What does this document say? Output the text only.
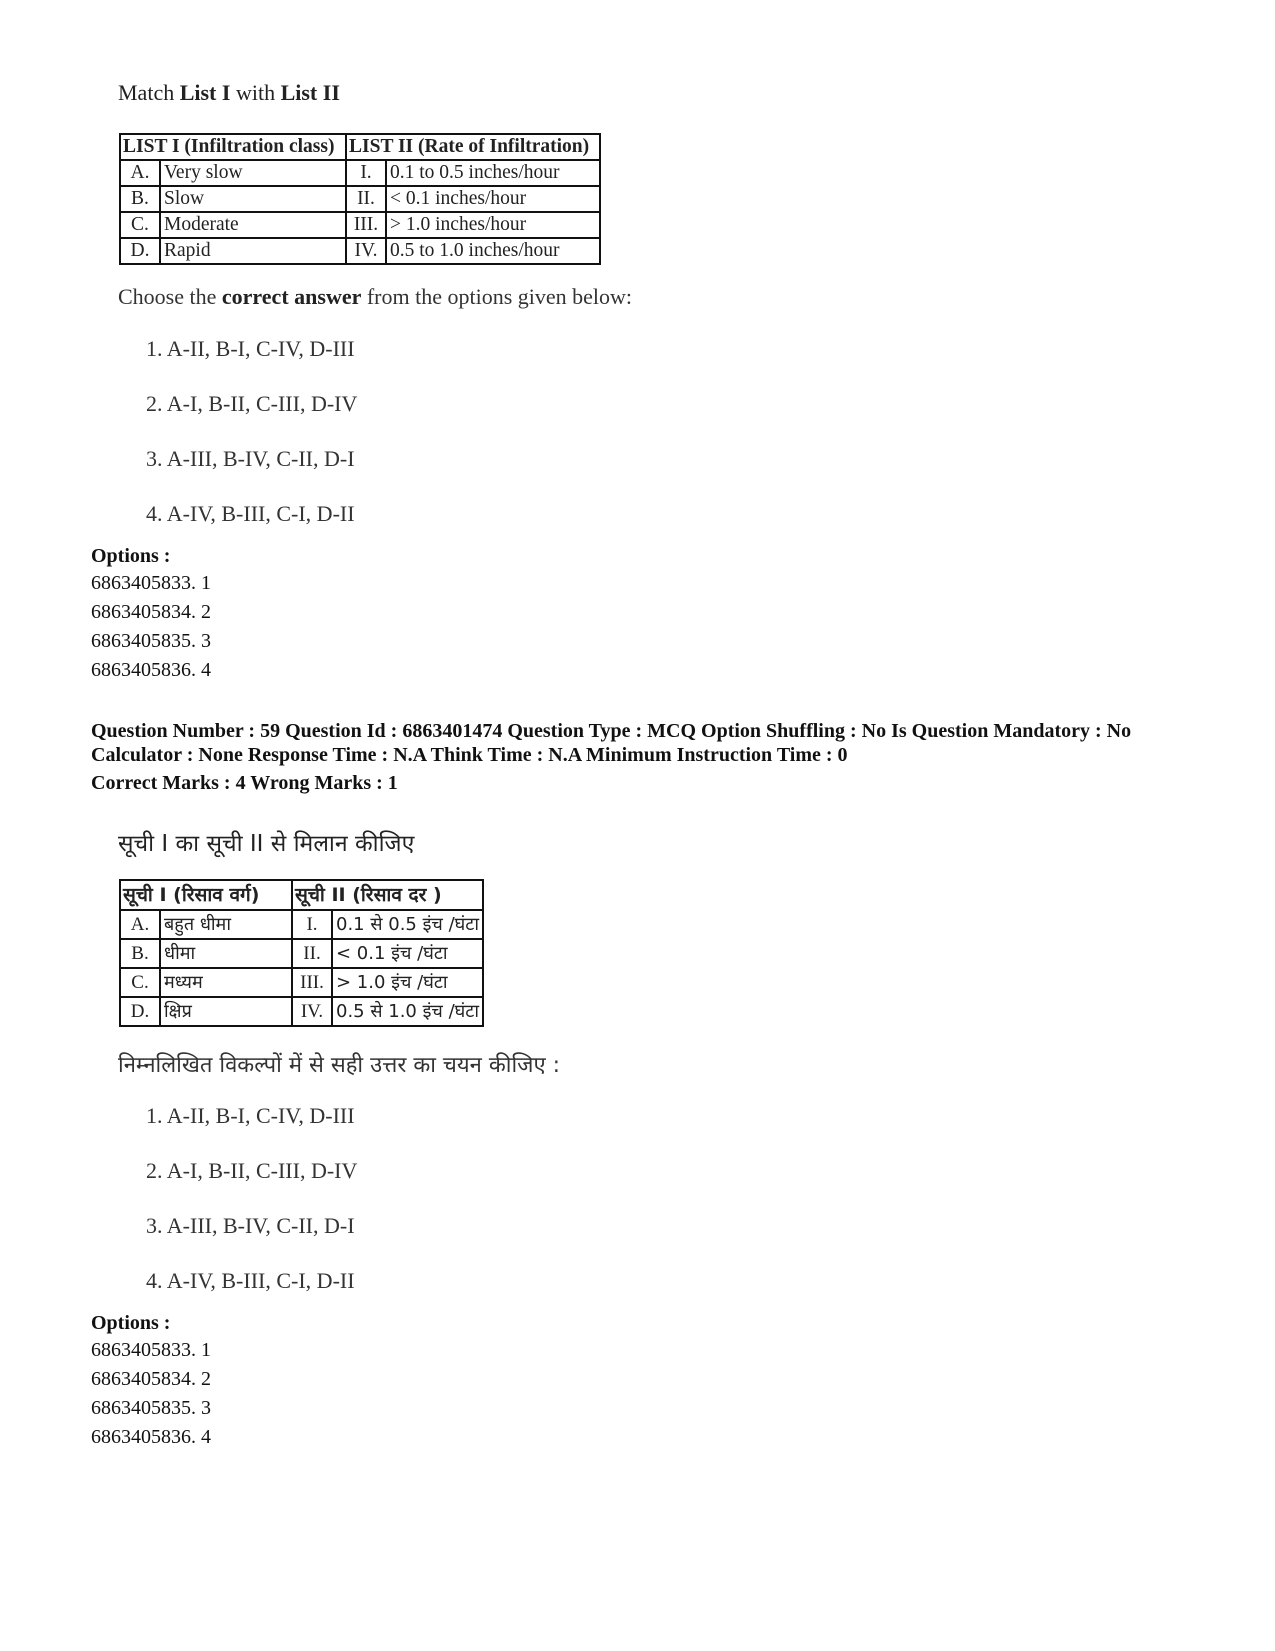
Match List I with List II
LIST I (Infiltration class)		LIST II (Rate of Infiltration)	
A.	Very slow	I.	0.1 to 0.5 inches/hour
B.	Slow	II.	< 0.1 inches/hour
C.	Moderate	III.	> 1.0 inches/hour
D.	Rapid	IV.	0.5 to 1.0 inches/hour
Choose the correct answer from the options given below:
1. A-II, B-I, C-IV, D-III
2. A-I, B-II, C-III, D-IV
3. A-III, B-IV, C-II, D-I
4. A-IV, B-III, C-I, D-II
Options :
6863405833. 1
6863405834. 2
6863405835. 3
6863405836. 4
Question Number : 59 Question Id : 6863401474 Question Type : MCQ Option Shuffling : No Is Question Mandatory : No Calculator : None Response Time : N.A Think Time : N.A Minimum Instruction Time : 0
Correct Marks : 4 Wrong Marks : 1
सूची I का सूची II से मिलान कीजिए
सूची I (रिसाव वर्ग)		सूची II (रिसाव दर )	
A.	बहुत धीमा	I.	0.1 से 0.5 इंच /घंटा
B.	धीमा	II.	< 0.1 इंच /घंटा
C.	मध्यम	III.	> 1.0 इंच /घंटा
D.	क्षिप्र	IV.	0.5 से 1.0 इंच /घंटा
निम्नलिखित विकल्पों में से सही उत्तर का चयन कीजिए :
1. A-II, B-I, C-IV, D-III
2. A-I, B-II, C-III, D-IV
3. A-III, B-IV, C-II, D-I
4. A-IV, B-III, C-I, D-II
Options :
6863405833. 1
6863405834. 2
6863405835. 3
6863405836. 4
